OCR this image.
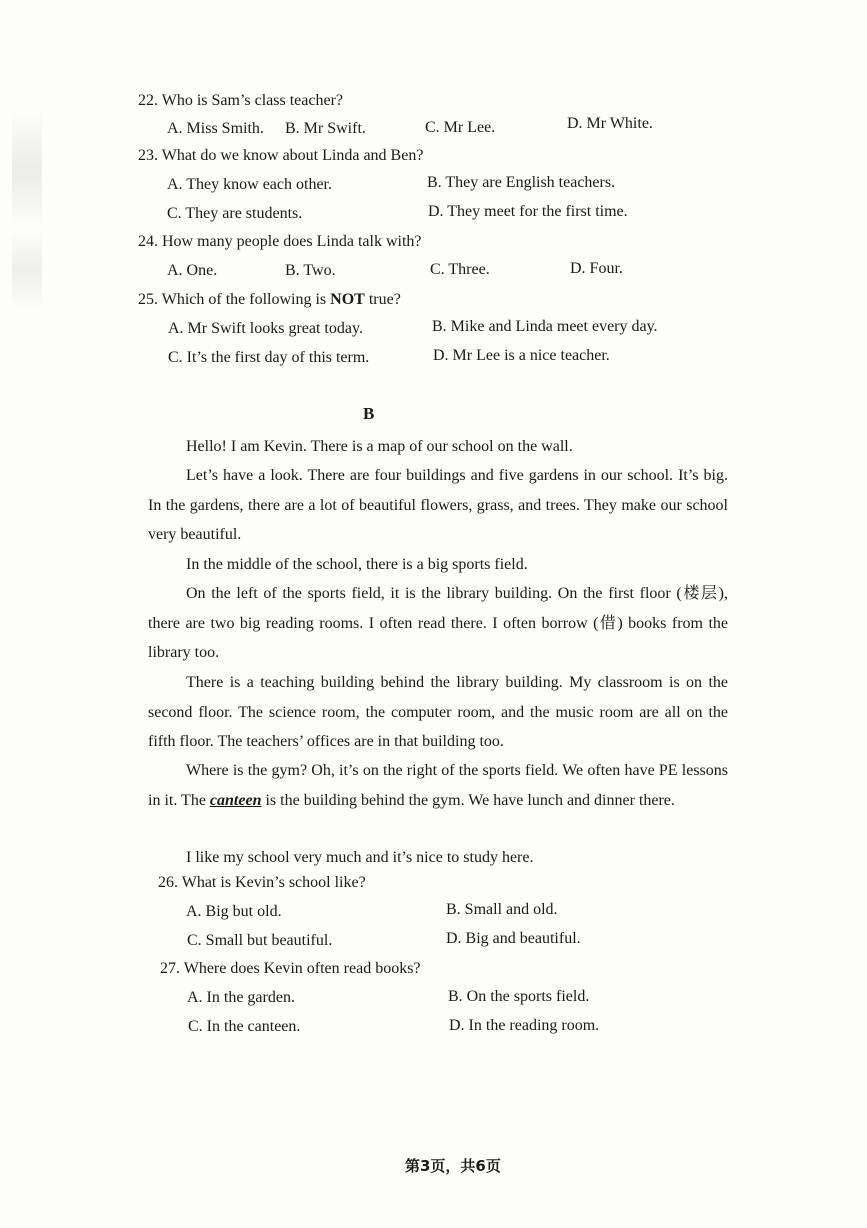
22. Who is Sam’s class teacher?
A. Miss Smith. B. Mr Swift.	C. Mr Lee.	D. Mr White.
23. What do we know about Linda and Ben?
A. They know each other.	B. They are English teachers.
C. They are students.	D. They meet for the first time.
24. How many people does Linda talk with?
A. One.	B. Two.	C. Three.	D. Four.
25. Which of the following is NOT true?
A. Mr Swift looks great today.	B. Mike and Linda meet every day.
C. It’s the first day of this term.	D. Mr Lee is a nice teacher.
B
Hello! I am Kevin. There is a map of our school on the wall.
Let’s have a look. There are four buildings and five gardens in our school. It’s big. In the gardens, there are a lot of beautiful flowers, grass, and trees. They make our school very beautiful.
In the middle of the school, there is a big sports field.
On the left of the sports field, it is the library building. On the first floor (楼层), there are two big reading rooms. I often read there. I often borrow (借) books from the library too.
There is a teaching building behind the library building. My classroom is on the second floor. The science room, the computer room, and the music room are all on the fifth floor. The teachers’ offices are in that building too.
Where is the gym? Oh, it’s on the right of the sports field. We often have PE lessons in it. The canteen is the building behind the gym. We have lunch and dinner there.
I like my school very much and it’s nice to study here.
26. What is Kevin’s school like?
A. Big but old.	B. Small and old.
C. Small but beautiful.	D. Big and beautiful.
27. Where does Kevin often read books?
A. In the garden.	B. On the sports field.
C. In the canteen.	D. In the reading room.
第3页，共6页
